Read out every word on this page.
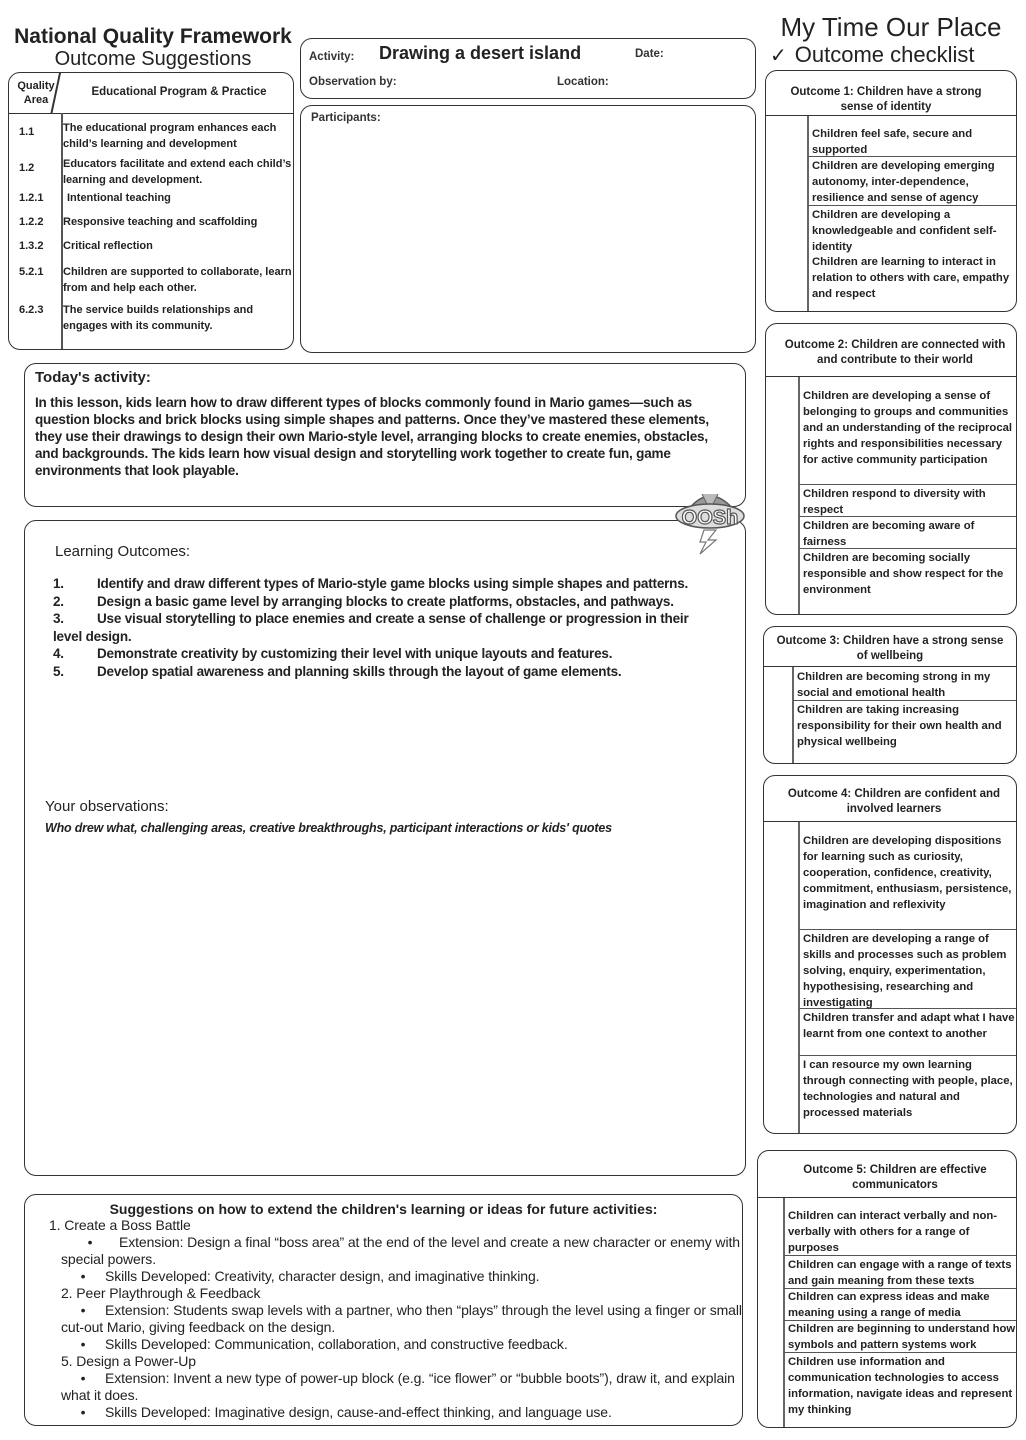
National Quality Framework
Outcome Suggestions
Quality Area
Educational Program & Practice
1.1	The educational program enhances each child’s learning and development
1.2	Educators facilitate and extend each child’s learning and development.
1.2.1	Intentional teaching
1.2.2	Responsive teaching and scaffolding
1.3.2	Critical reflection
5.2.1	Children are supported to collaborate, learn from and help each other.
6.2.3	The service builds relationships and engages with its community.
Activity: Drawing a desert island	Date:
Observation by:	Location:
Participants:
My Time Our Place
✓ Outcome checklist
Outcome 1: Children have a strong sense of identity
Children feel safe, secure and supported
Children are developing emerging autonomy, inter-dependence, resilience and sense of agency
Children are developing a knowledgeable and confident self-identity
Children are learning to interact in relation to others with care, empathy and respect
Outcome 2: Children are connected with and contribute to their world
Children are developing a sense of belonging to groups and communities and an understanding of the reciprocal rights and responsibilities necessary for active community participation
Children respond to diversity with respect
Children are becoming aware of fairness
Children are becoming socially responsible and show respect for the environment
Outcome 3: Children have a strong sense of wellbeing
Children are becoming strong in my social and emotional health
Children are taking increasing responsibility for their own health and physical wellbeing
Outcome 4: Children are confident and involved learners
Children are developing dispositions for learning such as curiosity, cooperation, confidence, creativity, commitment, enthusiasm, persistence, imagination and reflexivity
Children are developing a range of skills and processes such as problem solving, enquiry, experimentation, hypothesising, researching and investigating
Children transfer and adapt what I have learnt from one context to another
I can resource my own learning through connecting with people, place, technologies and natural and processed materials
Outcome 5: Children are effective communicators
Children can interact verbally and non-verbally with others for a range of purposes
Children can engage with a range of texts and gain meaning from these texts
Children can express ideas and make meaning using a range of media
Children are beginning to understand how symbols and pattern systems work
Children use information and communication technologies to access information, navigate ideas and represent my thinking
Today's activity:
In this lesson, kids learn how to draw different types of blocks commonly found in Mario games—such as question blocks and brick blocks using simple shapes and patterns. Once they’ve mastered these elements, they use their drawings to design their own Mario-style level, arranging blocks to create enemies, obstacles, and backgrounds. The kids learn how visual design and storytelling work together to create fun, game environments that look playable.
Learning Outcomes:
1. Identify and draw different types of Mario-style game blocks using simple shapes and patterns.
2. Design a basic game level by arranging blocks to create platforms, obstacles, and pathways.
3. Use visual storytelling to place enemies and create a sense of challenge or progression in their level design.
4. Demonstrate creativity by customizing their level with unique layouts and features.
5. Develop spatial awareness and planning skills through the layout of game elements.
Your observations:
Who drew what, challenging areas, creative breakthroughs, participant interactions or kids' quotes
OOSh
Suggestions on how to extend the children's learning or ideas for future activities:
1. Create a Boss Battle
• Extension: Design a final “boss area” at the end of the level and create a new character or enemy with special powers.
• Skills Developed: Creativity, character design, and imaginative thinking.
2. Peer Playthrough & Feedback
• Extension: Students swap levels with a partner, who then “plays” through the level using a finger or small cut-out Mario, giving feedback on the design.
• Skills Developed: Communication, collaboration, and constructive feedback.
5. Design a Power-Up
• Extension: Invent a new type of power-up block (e.g. “ice flower” or “bubble boots”), draw it, and explain what it does.
• Skills Developed: Imaginative design, cause-and-effect thinking, and language use.
